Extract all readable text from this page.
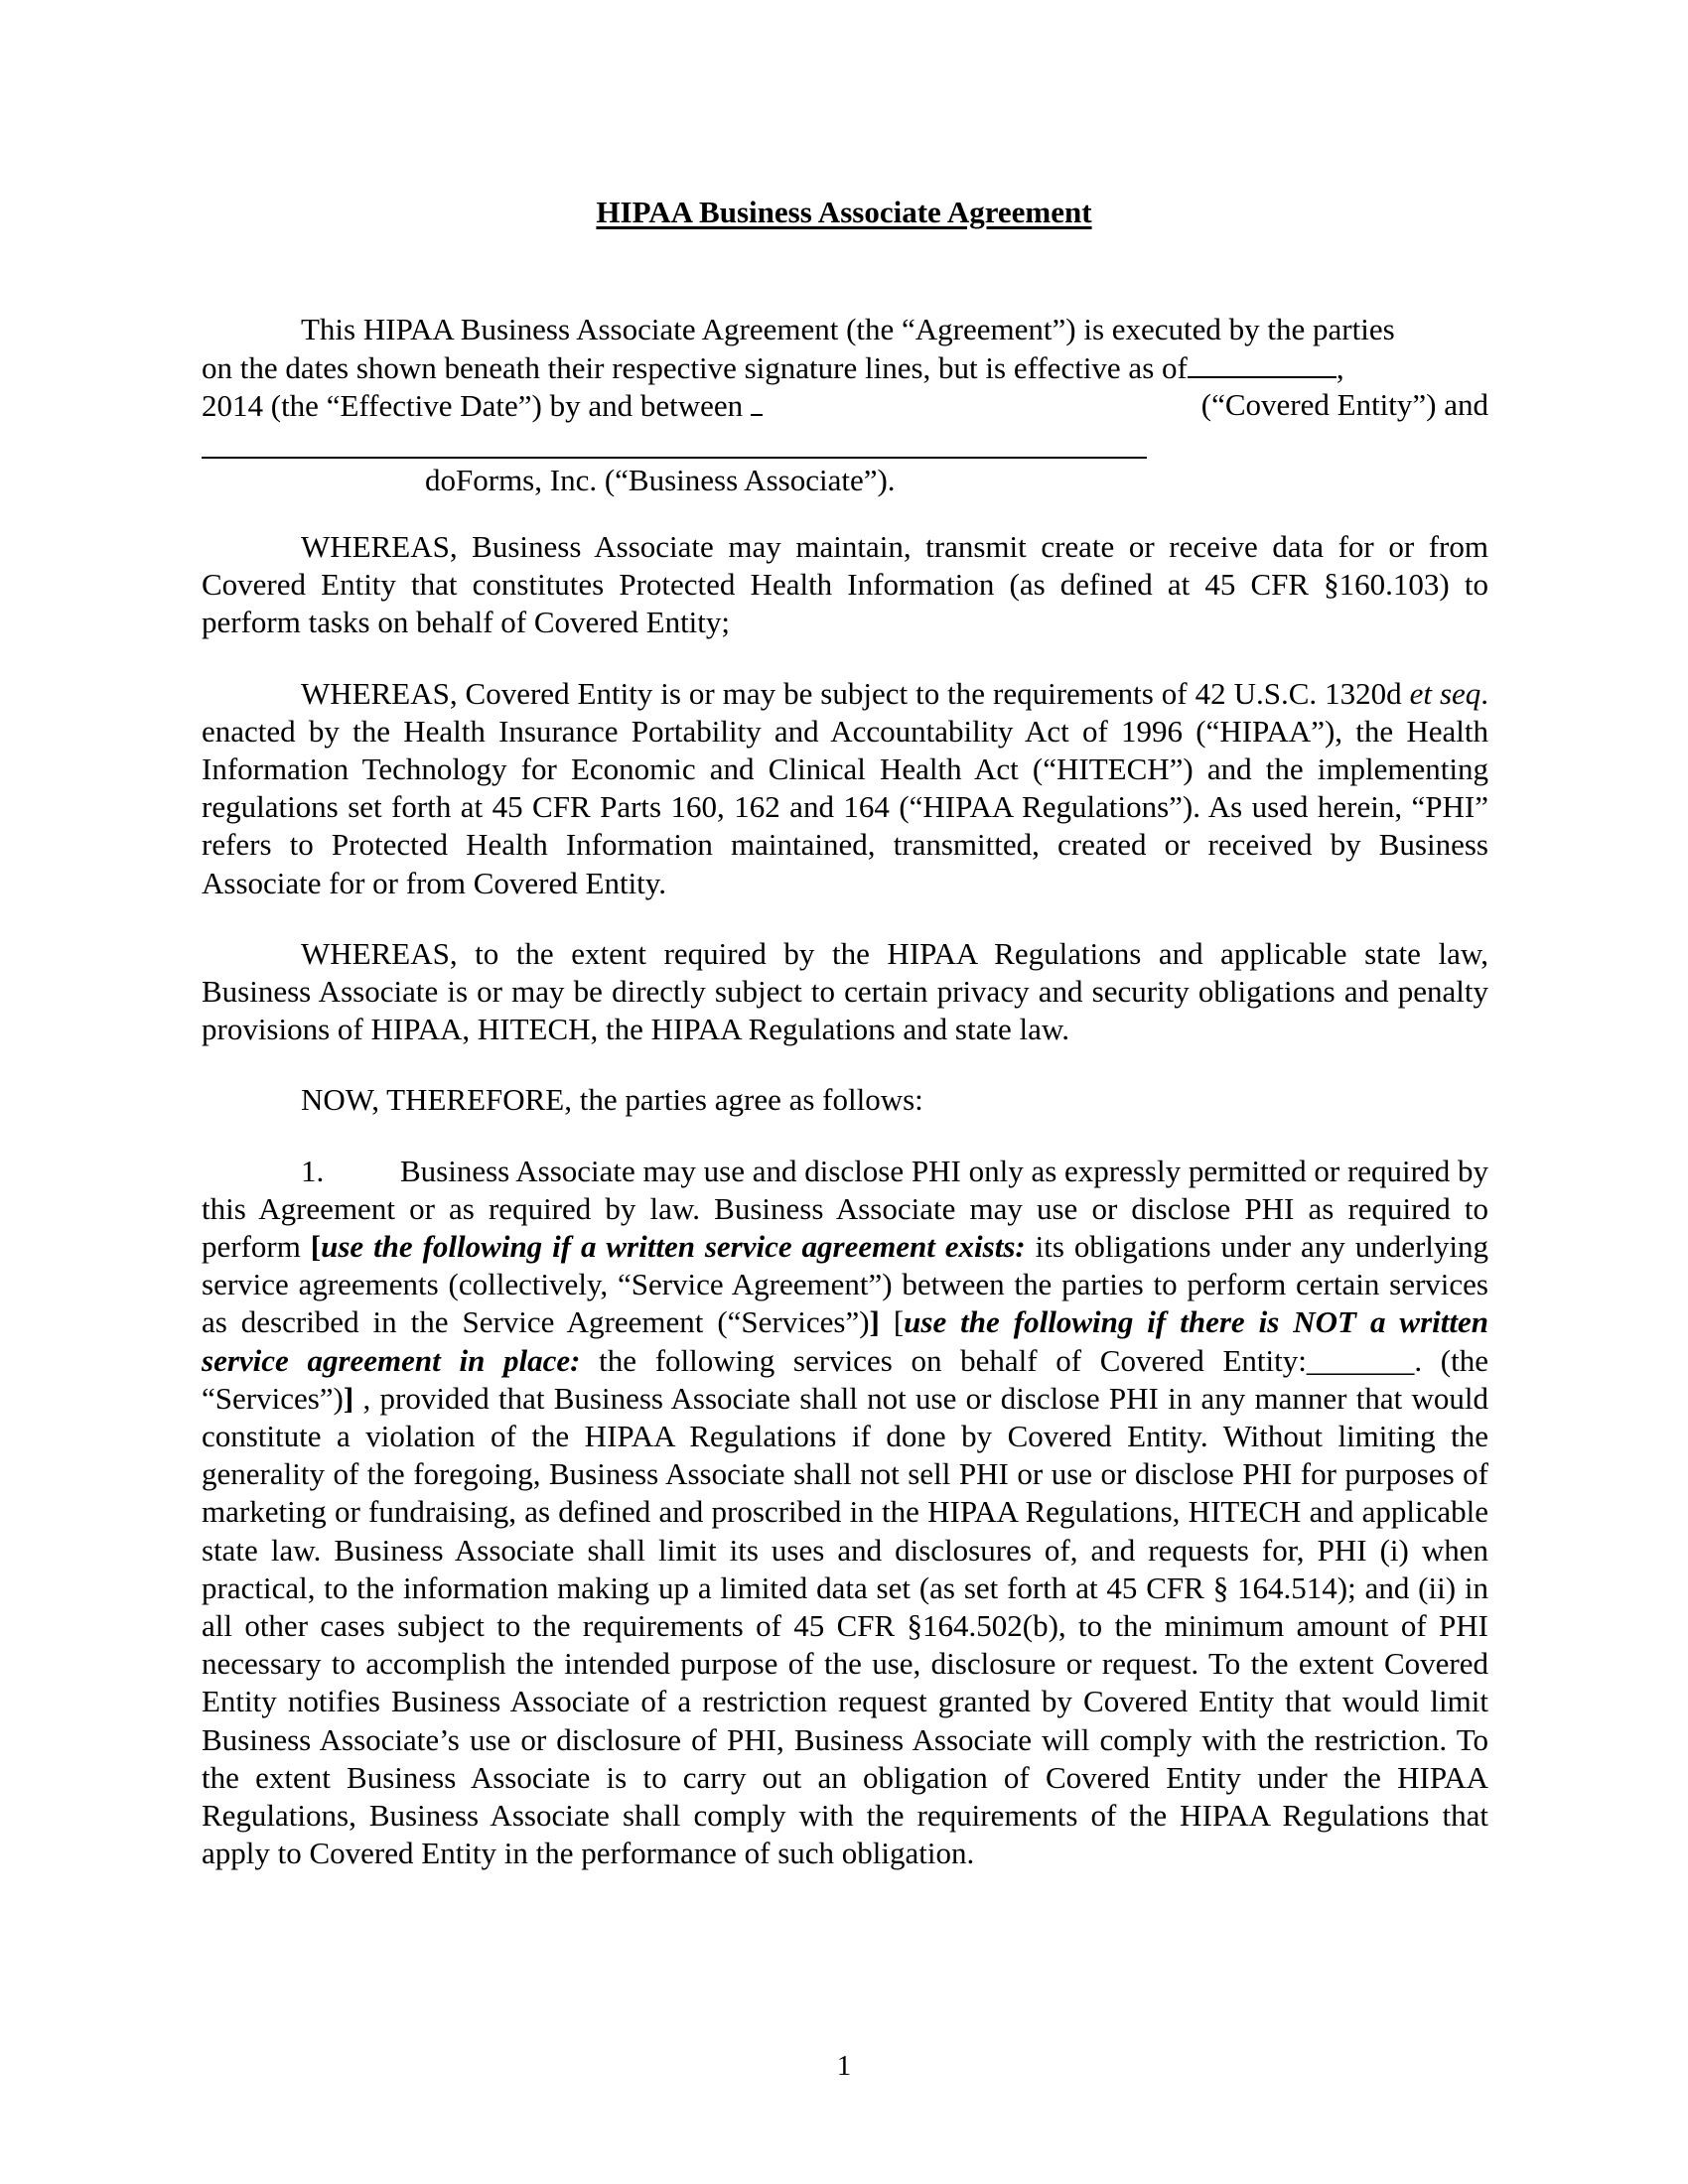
HIPAA Business Associate Agreement
This HIPAA Business Associate Agreement (the “Agreement”) is executed by the parties
on the dates shown beneath their respective signature lines, but is effective as of	,
2014 (the “Effective Date”) by and between	(“Covered Entity”) and
doForms, Inc. (“Business Associate”).

WHEREAS, Business Associate may maintain, transmit create or receive data for or from Covered Entity that constitutes Protected Health Information (as defined at 45 CFR §160.103) to perform tasks on behalf of Covered Entity;

WHEREAS, Covered Entity is or may be subject to the requirements of 42 U.S.C. 1320d et seq. enacted by the Health Insurance Portability and Accountability Act of 1996 (“HIPAA”), the Health Information Technology for Economic and Clinical Health Act (“HITECH”) and the implementing regulations set forth at 45 CFR Parts 160, 162 and 164 (“HIPAA Regulations”). As used herein, “PHI” refers to Protected Health Information maintained, transmitted, created or received by Business Associate for or from Covered Entity.

WHEREAS, to the extent required by the HIPAA Regulations and applicable state law, Business Associate is or may be directly subject to certain privacy and security obligations and penalty provisions of HIPAA, HITECH, the HIPAA Regulations and state law.

NOW, THEREFORE, the parties agree as follows:

1. Business Associate may use and disclose PHI only as expressly permitted or required by this Agreement or as required by law. Business Associate may use or disclose PHI as required to perform [use the following if a written service agreement exists: its obligations under any underlying service agreements (collectively, “Service Agreement”) between the parties to perform certain services as described in the Service Agreement (“Services”)] [use the following if there is NOT a written service agreement in place: the following services on behalf of Covered Entity:_______. (the “Services”)] , provided that Business Associate shall not use or disclose PHI in any manner that would constitute a violation of the HIPAA Regulations if done by Covered Entity. Without limiting the generality of the foregoing, Business Associate shall not sell PHI or use or disclose PHI for purposes of marketing or fundraising, as defined and proscribed in the HIPAA Regulations, HITECH and applicable state law. Business Associate shall limit its uses and disclosures of, and requests for, PHI (i) when practical, to the information making up a limited data set (as set forth at 45 CFR § 164.514); and (ii) in all other cases subject to the requirements of 45 CFR §164.502(b), to the minimum amount of PHI necessary to accomplish the intended purpose of the use, disclosure or request. To the extent Covered Entity notifies Business Associate of a restriction request granted by Covered Entity that would limit Business Associate’s use or disclosure of PHI, Business Associate will comply with the restriction. To the extent Business Associate is to carry out an obligation of Covered Entity under the HIPAA Regulations, Business Associate shall comply with the requirements of the HIPAA Regulations that apply to Covered Entity in the performance of such obligation.

1
